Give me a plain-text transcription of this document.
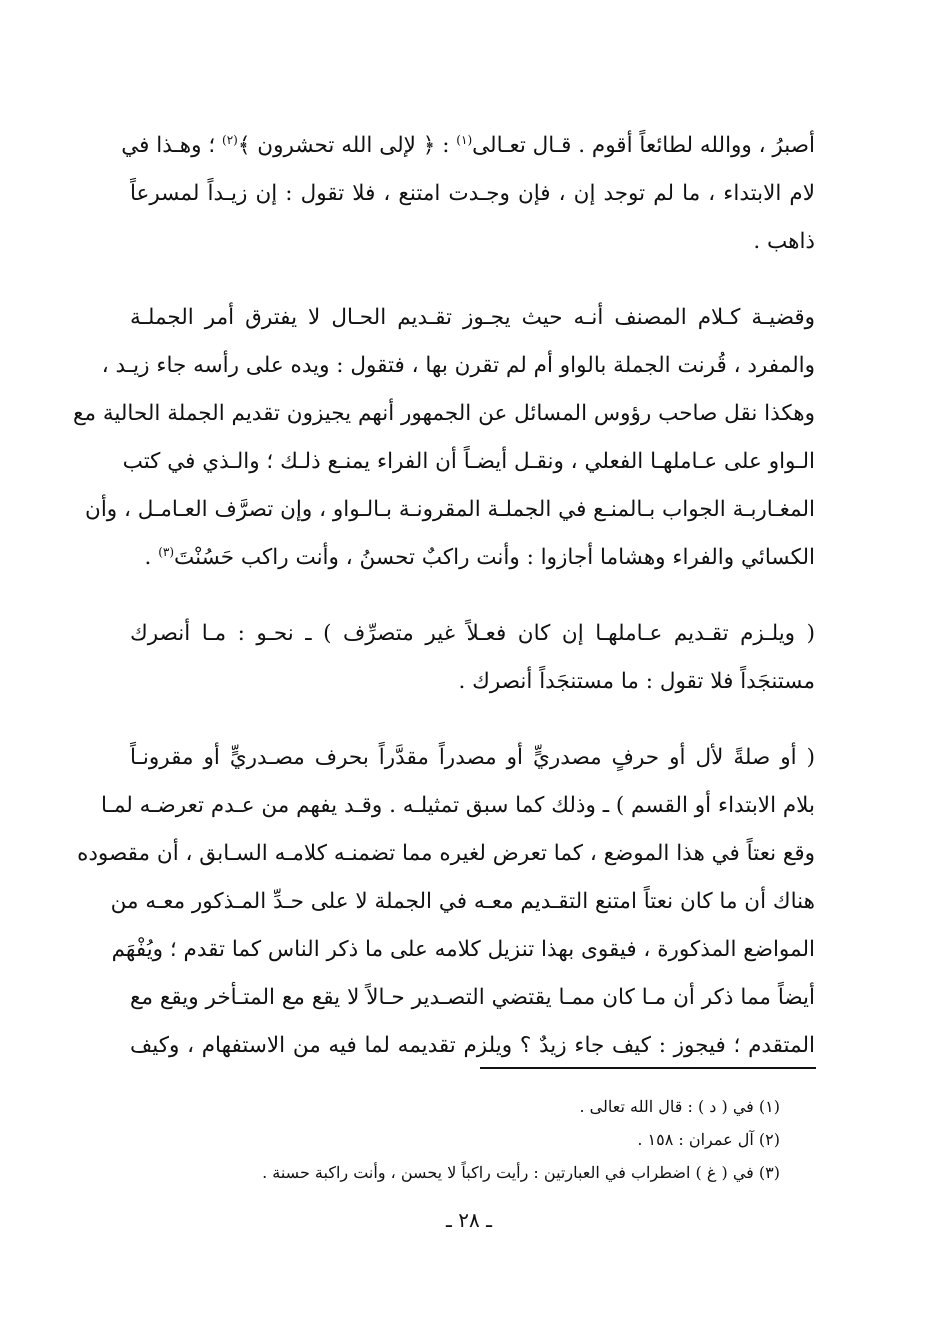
أصبرُ ، ووالله لطائعاً أقوم . قـال تعـالى$^{(١)}$ : ﴿ لإلى الله تحشرون ﴾$^{(٢)}$ ؛ وهـذا في
لام الابتداء ، ما لم توجد إن ، فإن وجـدت امتنع ، فلا تقول : إن زيـداً لمسرعاً
ذاهب .

وقضيـة كـلام المصنف أنـه حيث يجـوز تقـديم الحـال لا يفترق أمر الجملـة
والمفرد ، قُرنت الجملة بالواو أم لم تقرن بها ، فتقول : ويده على رأسه جاء زيـد ،
وهكذا نقل صاحب رؤوس المسائل عن الجمهور أنهم يجيزون تقديم الجملة الحالية مع
الـواو على عـاملهـا الفعلي ، ونقـل أيضـاً أن الفراء يمنـع ذلـك ؛ والـذي في كتب
المغـاربـة الجواب بـالمنـع في الجملـة المقرونـة بـالـواو ، وإن تصرَّف العـامـل ، وأن
الكسائي والفراء وهشاما أجازوا : وأنت راكبٌ تحسنُ ، وأنت راكب حَسُنْتَ$^{(٣)}$ .

( ويلـزم تقـديم عـاملهـا إن كان فعـلاً غير متصرِّف ) ـ نحـو : مـا أنصرك
مستنجَداً فلا تقول : ما مستنجَداً أنصرك .

( أو صلةً لأل أو حرفٍ مصدريٍّ أو مصدراً مقدَّراً بحرف مصـدريٍّ أو مقرونـاً
بلام الابتداء أو القسم ) ـ وذلك كما سبق تمثيلـه . وقـد يفهم من عـدم تعرضـه لمـا
وقع نعتاً في هذا الموضع ، كما تعرض لغيره مما تضمنـه كلامـه السـابق ، أن مقصوده
هناك أن ما كان نعتاً امتنع التقـديم معـه في الجملة لا على حـدِّ المـذكور معـه من
المواضع المذكورة ، فيقوى بهذا تنزيل كلامه على ما ذكر الناس كما تقدم ؛ ويُفْهَم
أيضاً مما ذكر أن مـا كان ممـا يقتضي التصـدير حـالاً لا يقع مع المتـأخر ويقع مع
المتقدم ؛ فيجوز : كيف جاء زيدٌ ؟ ويلزم تقديمه لما فيه من الاستفهام ، وكيف

(١) في ( د ) : قال الله تعالى .
(٢) آل عمران : ١٥٨ .
(٣) في ( غ ) اضطراب في العبارتين : رأيت راكباً لا يحسن ، وأنت راكبة حسنة .
ـ ٢٨ ـ
